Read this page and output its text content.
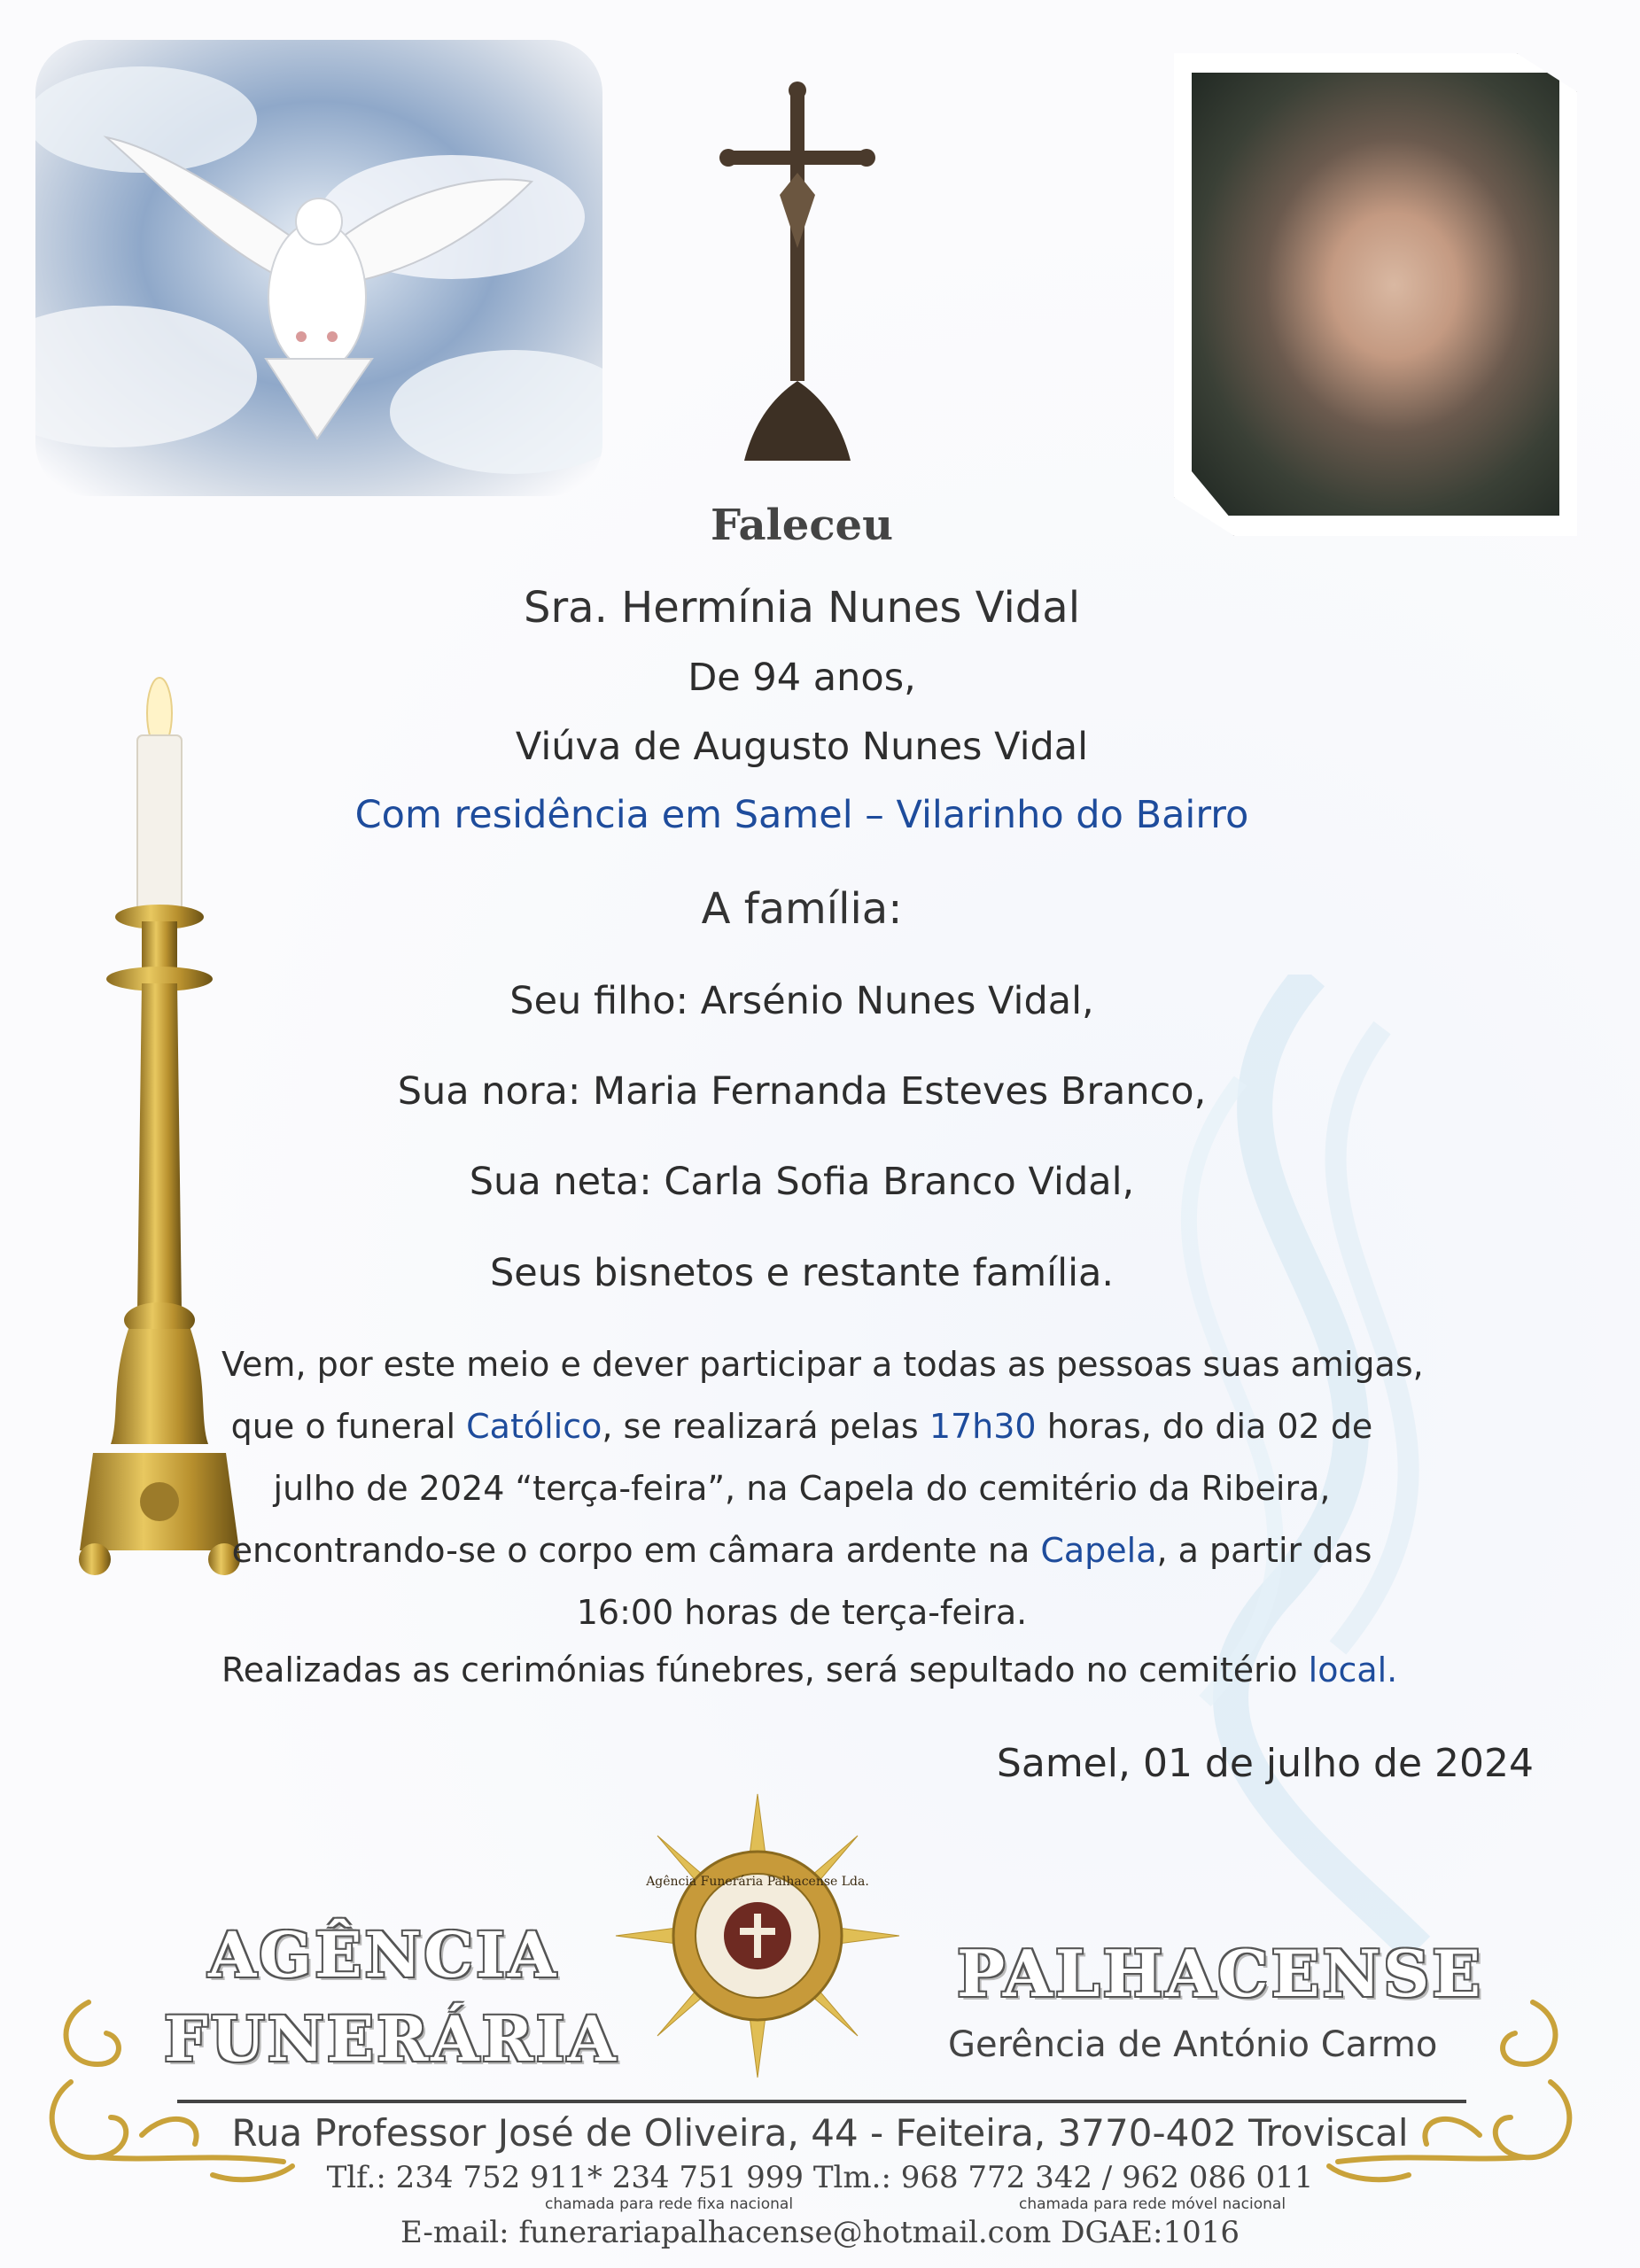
Faleceu
Sra. Hermínia Nunes Vidal
De 94 anos,
Viúva de Augusto Nunes Vidal
Com residência em Samel – Vilarinho do Bairro
A família:
Seu filho: Arsénio Nunes Vidal,
Sua nora: Maria Fernanda Esteves Branco,
Sua neta: Carla Sofia Branco Vidal,
Seus bisnetos e restante família.
Vem, por este meio e dever participar a todas as pessoas suas amigas,
que o funeral Católico, se realizará pelas 17h30 horas, do dia 02 de
julho de 2024 “terça-feira”, na Capela do cemitério da Ribeira,
encontrando-se o corpo em câmara ardente na Capela, a partir das
16:00 horas de terça-feira.
Realizadas as cerimónias fúnebres, será sepultado no cemitério local.
Samel, 01 de julho de 2024
Agência Funerária Palhacense Lda.
AGÊNCIA
FUNERÁRIA
PALHACENSE
Gerência de António Carmo
Rua Professor José de Oliveira, 44 - Feiteira, 3770-402 Troviscal
Tlf.: 234 752 911* 234 751 999 Tlm.: 968 772 342 / 962 086 011
chamada para rede fixa nacional	chamada para rede móvel nacional
E-mail: funerariapalhacense@hotmail.com DGAE:1016
